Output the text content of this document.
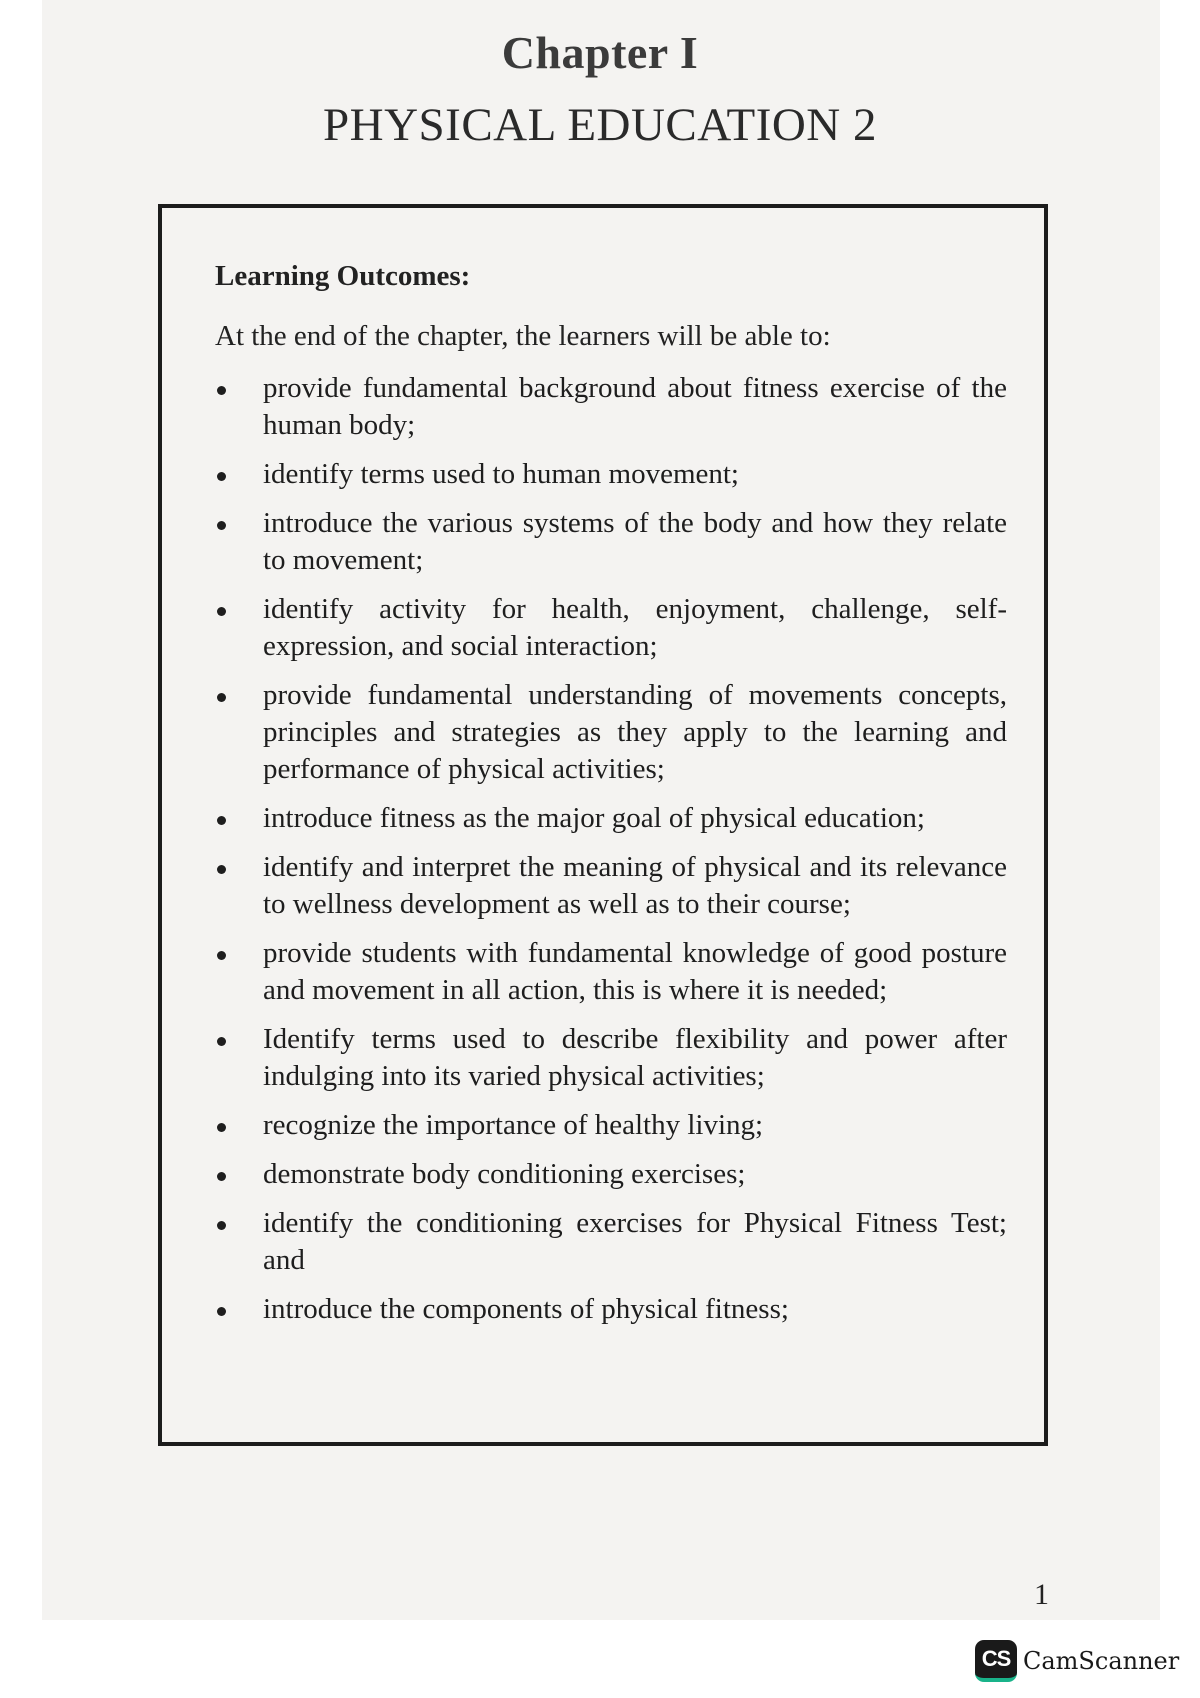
Chapter I
PHYSICAL EDUCATION 2
Learning Outcomes:
At the end of the chapter, the learners will be able to:
provide fundamental background about fitness exercise of the human body;
identify terms used to human movement;
introduce the various systems of the body and how they relate to movement;
identify activity for health, enjoyment, challenge, self-expression, and social interaction;
provide fundamental understanding of movements concepts, principles and strategies as they apply to the learning and performance of physical activities;
introduce fitness as the major goal of physical education;
identify and interpret the meaning of physical and its relevance to wellness development as well as to their course;
provide students with fundamental knowledge of good posture and movement in all action, this is where it is needed;
Identify terms used to describe flexibility and power after indulging into its varied physical activities;
recognize the importance of healthy living;
demonstrate body conditioning exercises;
identify the conditioning exercises for Physical Fitness Test; and
introduce the components of physical fitness;
1
CS CamScanner
